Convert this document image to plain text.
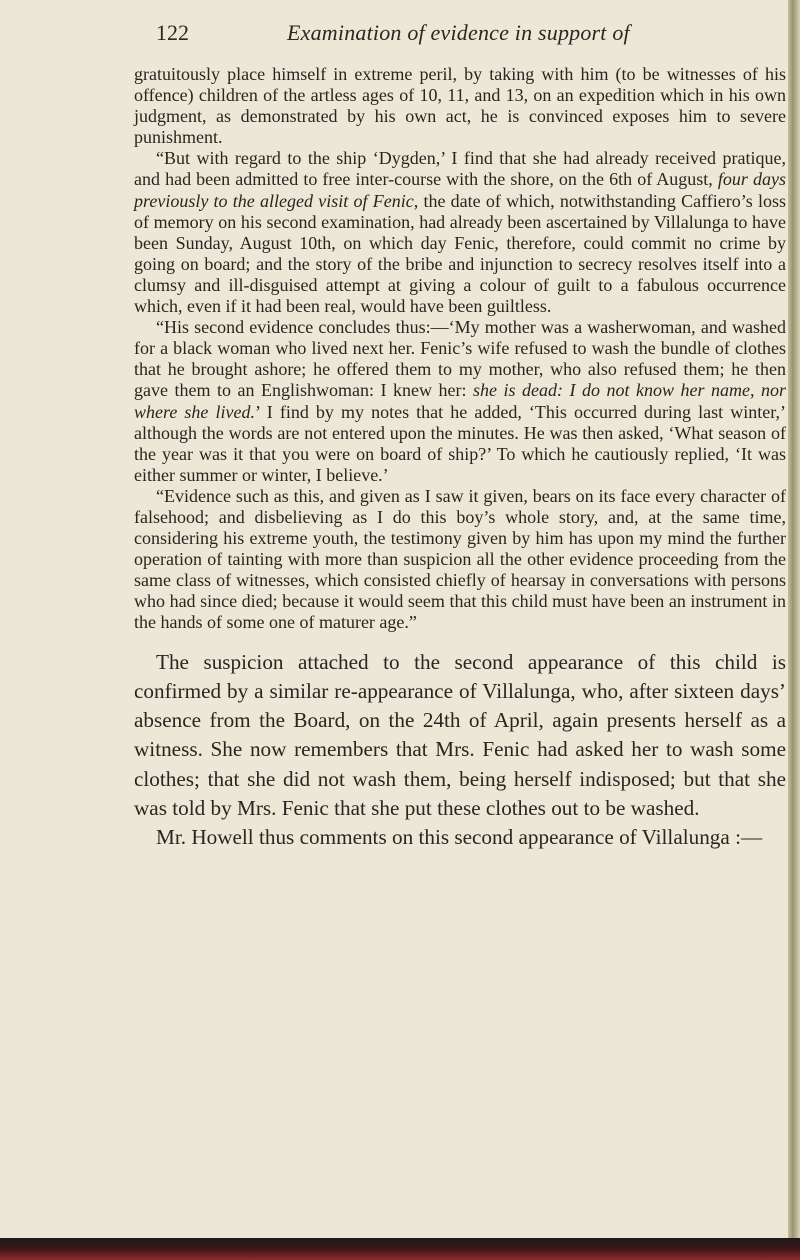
122	Examination of evidence in support of

gratuitously place himself in extreme peril, by taking with him (to be witnesses of his offence) children of the artless ages of 10, 11, and 13, on an expedition which in his own judgment, as demonstrated by his own act, he is convinced exposes him to severe punishment.

“But with regard to the ship ‘Dygden,’ I find that she had already received pratique, and had been admitted to free inter-course with the shore, on the 6th of August, four days previously to the alleged visit of Fenic, the date of which, notwithstanding Caffiero’s loss of memory on his second examination, had already been ascertained by Villalunga to have been Sunday, August 10th, on which day Fenic, therefore, could commit no crime by going on board; and the story of the bribe and injunction to secrecy resolves itself into a clumsy and ill-disguised attempt at giving a colour of guilt to a fabulous occurrence which, even if it had been real, would have been guiltless.

“His second evidence concludes thus:—‘My mother was a washerwoman, and washed for a black woman who lived next her. Fenic’s wife refused to wash the bundle of clothes that he brought ashore; he offered them to my mother, who also refused them; he then gave them to an Englishwoman: I knew her: she is dead: I do not know her name, nor where she lived.’ I find by my notes that he added, ‘This occurred during last winter,’ although the words are not entered upon the minutes. He was then asked, ‘What season of the year was it that you were on board of ship?’ To which he cautiously replied, ‘It was either summer or winter, I believe.’

“Evidence such as this, and given as I saw it given, bears on its face every character of falsehood; and disbelieving as I do this boy’s whole story, and, at the same time, considering his extreme youth, the testimony given by him has upon my mind the further operation of tainting with more than suspicion all the other evidence proceeding from the same class of witnesses, which consisted chiefly of hearsay in conversations with persons who had since died; because it would seem that this child must have been an instrument in the hands of some one of maturer age.”

The suspicion attached to the second appearance of this child is confirmed by a similar re-appearance of Villalunga, who, after sixteen days’ absence from the Board, on the 24th of April, again presents herself as a witness. She now remembers that Mrs. Fenic had asked her to wash some clothes; that she did not wash them, being herself indisposed; but that she was told by Mrs. Fenic that she put these clothes out to be washed.

Mr. Howell thus comments on this second appearance of Villalunga :—
